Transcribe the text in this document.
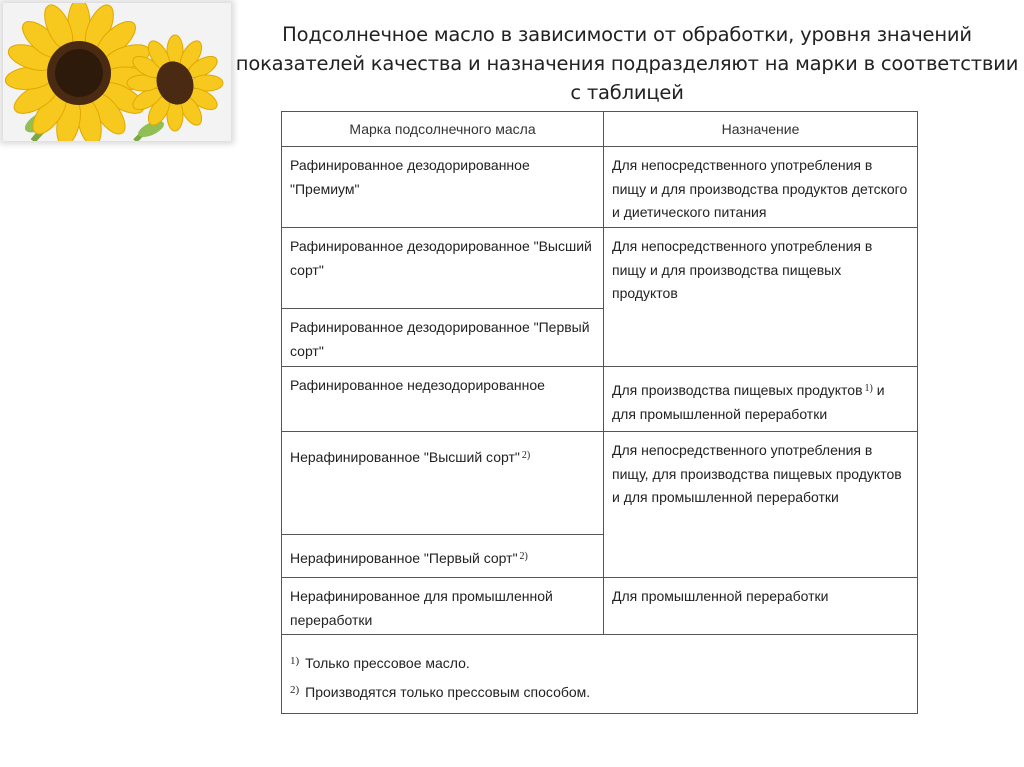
Подсолнечное масло в зависимости от обработки, уровня значений показателей качества и назначения подразделяют на марки в соответствии с таблицей
Марка подсолнечного масла	Назначение

Рафинированное дезодорированное "Премиум"	Для непосредственного употребления в пищу и для производства продуктов детского и диетического питания

Рафинированное дезодорированное "Высший сорт"	Для непосредственного употребления в пищу и для производства пищевых продуктов

Рафинированное дезодорированное "Первый сорт"	

Рафинированное недезодорированное	Для производства пищевых продуктов $^{1)}$ и для промышленной переработки

Нерафинированное "Высший сорт" $^{2)}$	Для непосредственного употребления в пищу, для производства пищевых продуктов и для промышленной переработки

Нерафинированное "Первый сорт" $^{2)}$

Нерафинированное для промышленной переработки	Для промышленной переработки

$^{1)}$ Только прессовое масло.
$^{2)}$ Производятся только прессовым способом.	
